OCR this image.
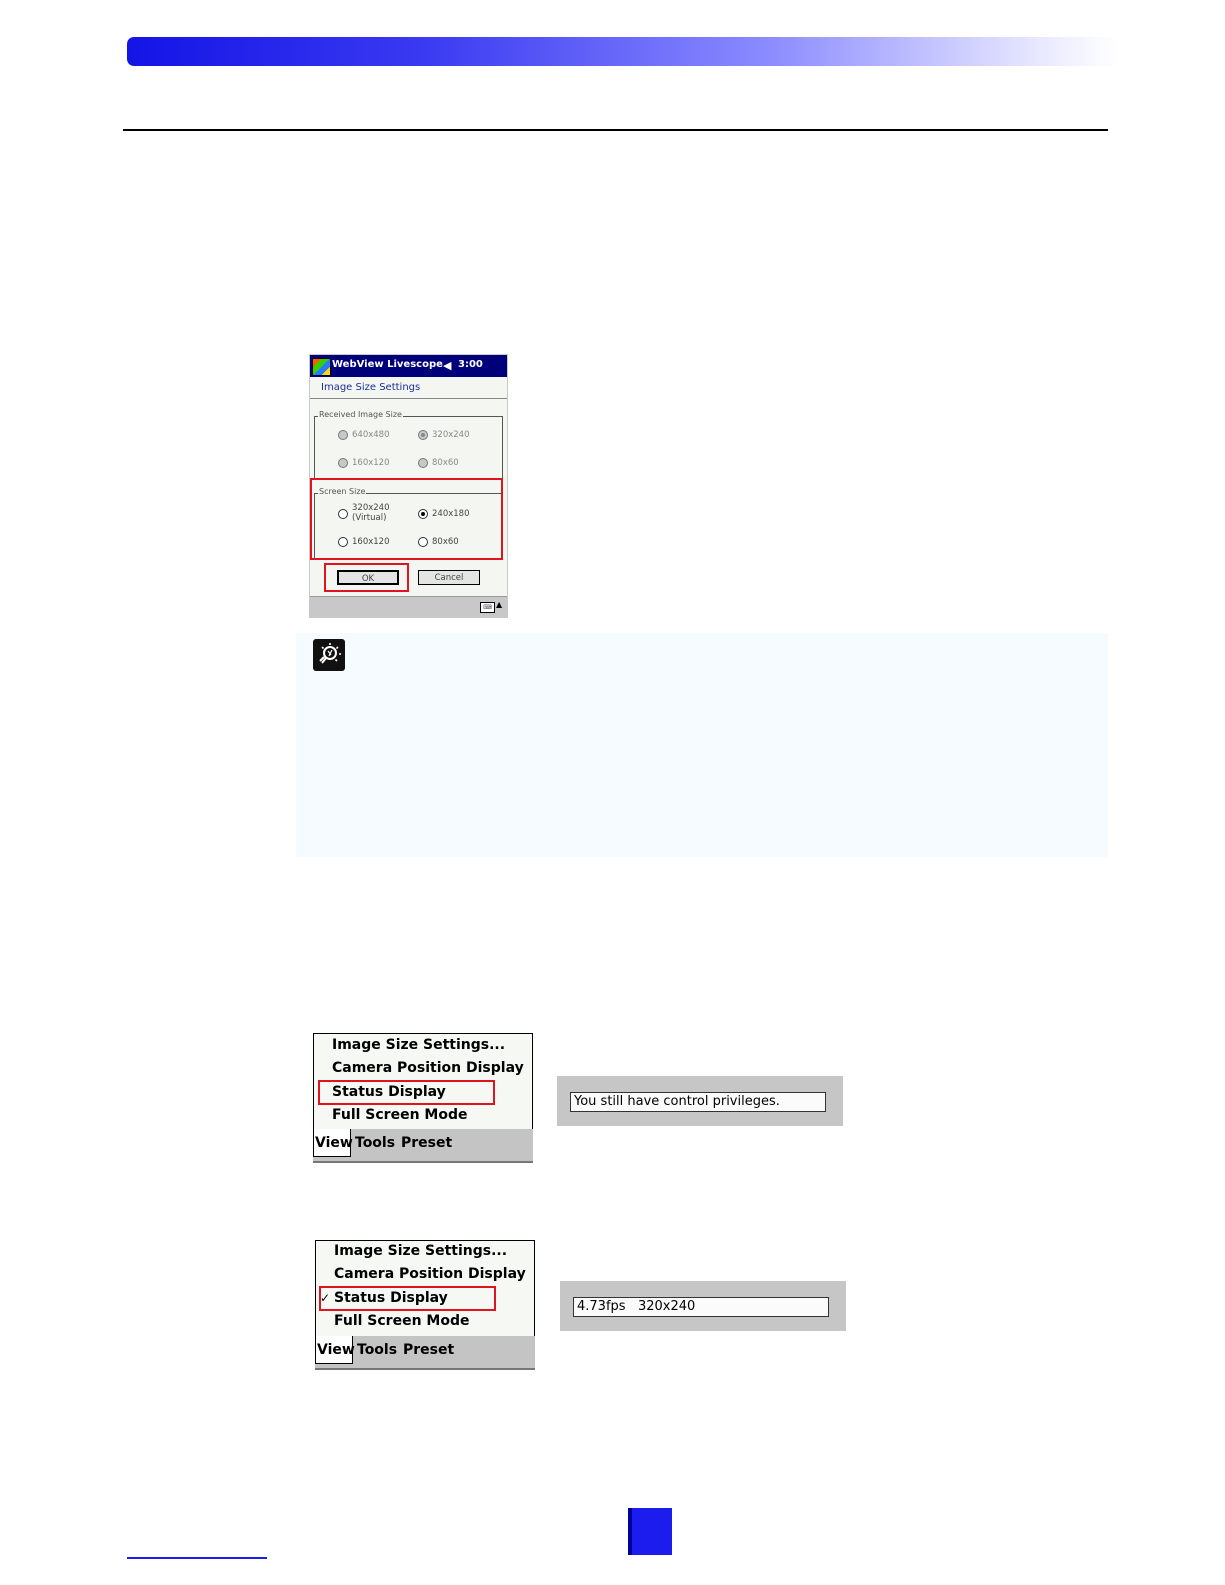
WebView Livescope ◀︎ 3:00
Image Size Settings
Received Image Size
640x480	320x240
160x120	80x60
Screen Size
320x240
(Virtual)	240x180
160x120	80x60
OK	Cancel
⌨ ▲
Image Size Settings...
Camera Position Display
Status Display
Full Screen Mode
View Tools Preset
You still have control privileges.
Image Size Settings...
Camera Position Display
✓ Status Display
Full Screen Mode
View Tools Preset
4.73fps   320x240
